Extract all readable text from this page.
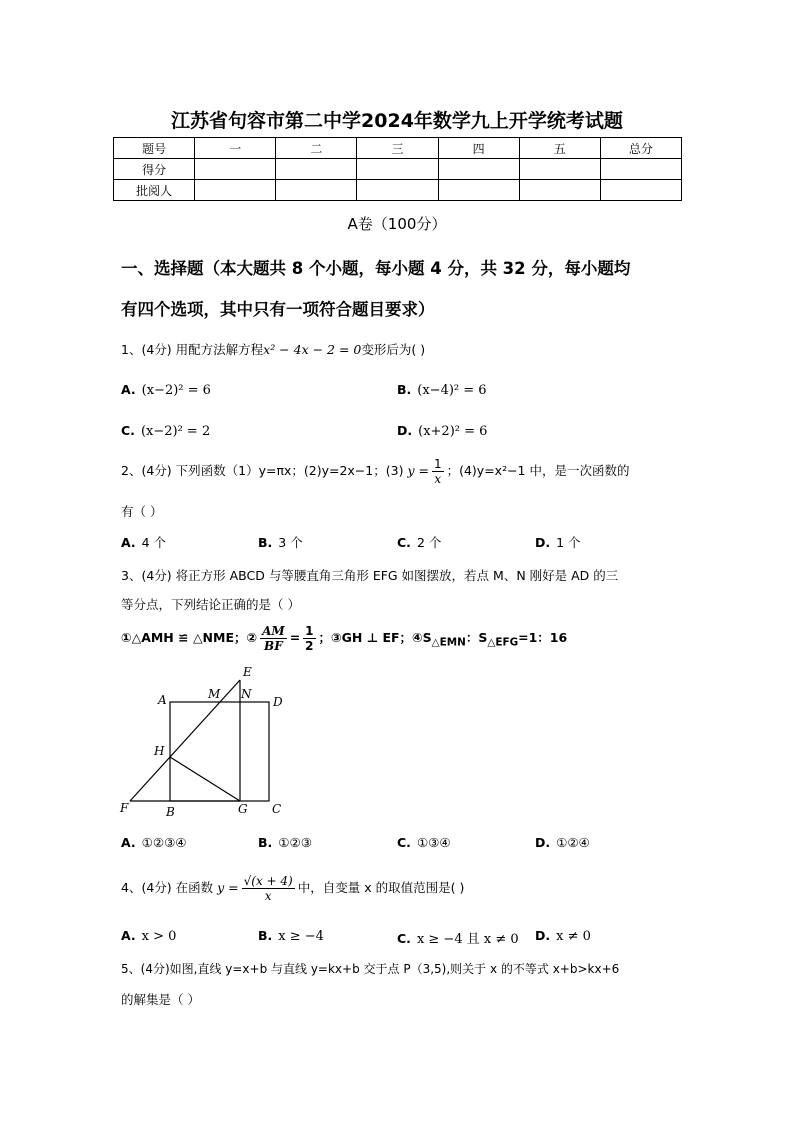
江苏省句容市第二中学2024年数学九上开学统考试题
题号	一	二	三	四	五	总分
得分						
批阅人						
A卷（100分）
一、选择题（本大题共 8 个小题，每小题 4 分，共 32 分，每小题均
有四个选项，其中只有一项符合题目要求）
1、(4分) 用配方法解方程x² − 4x − 2 = 0变形后为( )
A. (x−2)² = 6	B. (x−4)² = 6
C. (x−2)² = 2	D. (x+2)² = 6
2、(4分) 下列函数（1）y=πx；(2)y=2x−1；(3) $y = \frac{1}{x}$ ；(4)y=x²−1 中，是一次函数的
有（ ）
A. 4 个	B. 3 个	C. 2 个	D. 1 个
3、(4分) 将正方形 ABCD 与等腰直角三角形 EFG 如图摆放，若点 M、N 刚好是 AD 的三
等分点，下列结论正确的是（ ）
①△AMH ≌ △NME；② $\frac{AM}{BF} = \frac{1}{2}$ ；③GH ⊥ EF；$④S_{\triangle EMN}$：$S_{\triangle EFG}=1$：16
E
M N
A	D
H
F	B	G C
A. ①②③④	B. ①②③	C. ①③④	D. ①②④
4、(4分) 在函数 $y = \frac{√(x + 4)}{x}$ 中，自变量 x 的取值范围是( )
A. x > 0	B. x ≥ −4	C. x ≥ −4 且 x ≠ 0 D. x ≠ 0
5、(4分)如图,直线 y=x+b 与直线 y=kx+b 交于点 P（3,5),则关于 x 的不等式 x+b>kx+6
的解集是（ ）
